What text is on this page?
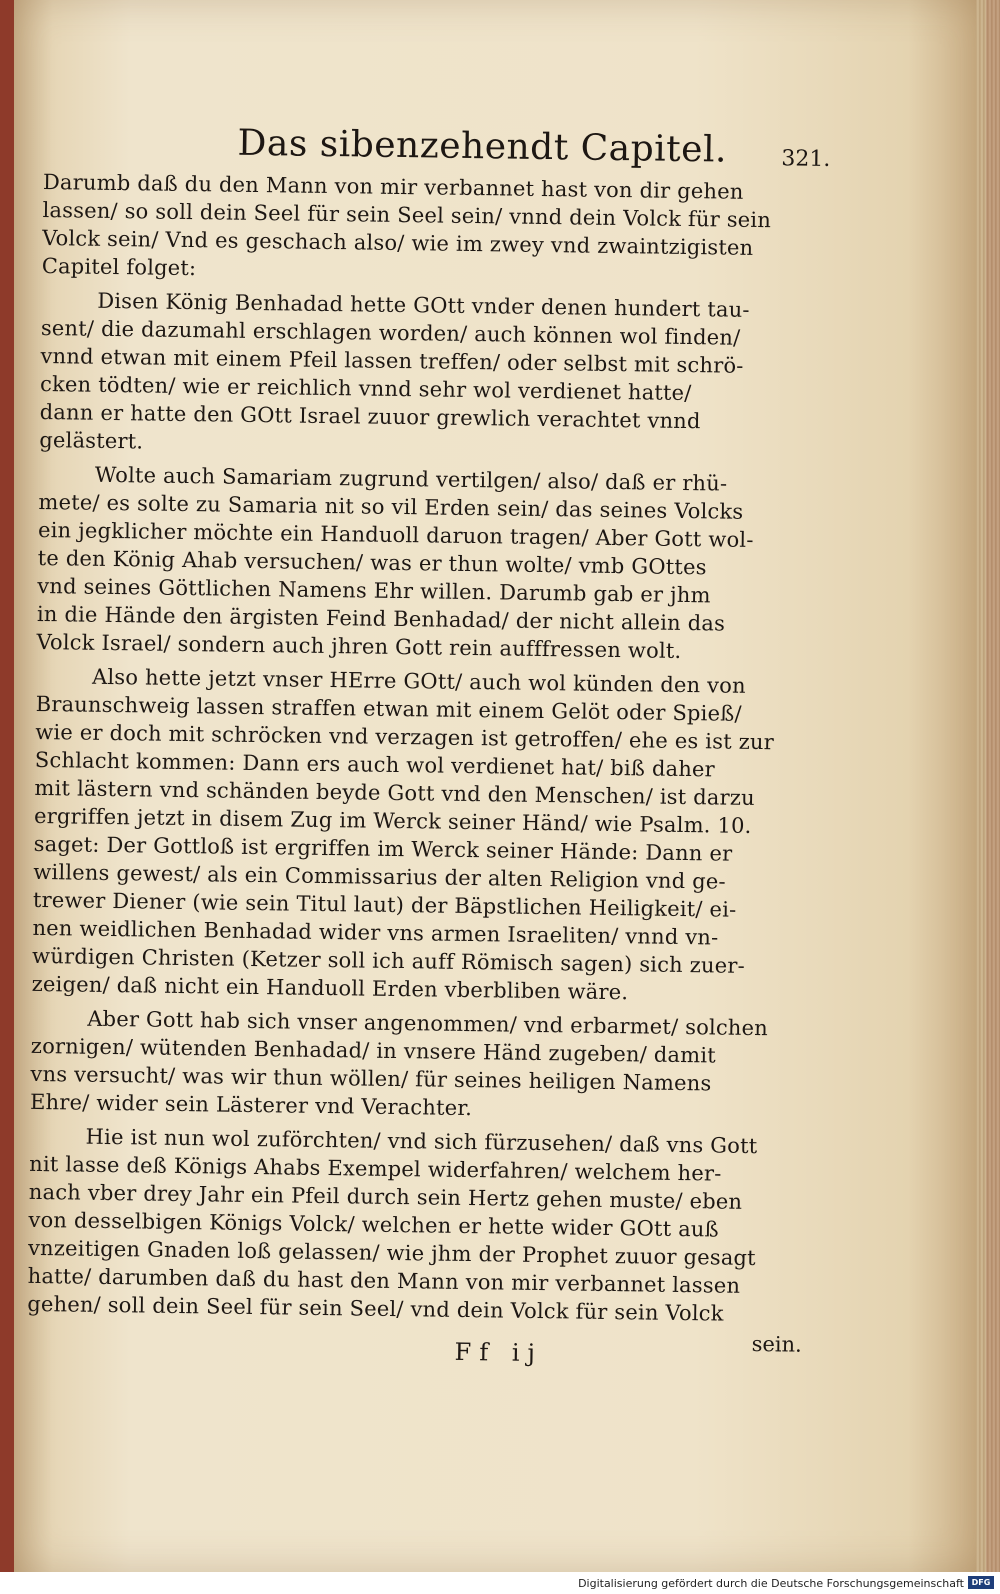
Das sibenzehendt Capitel. 321.
Darumb daß du den Mann von mir verbannet hast von dir gehen
lassen/ so soll dein Seel für sein Seel sein/ vnnd dein Volck für sein
Volck sein/ Vnd es geschach also/ wie im zwey vnd zwaintzigisten
Capitel folget:
Disen König Benhadad hette GOtt vnder denen hundert tau-
sent/ die dazumahl erschlagen worden/ auch können wol finden/
vnnd etwan mit einem Pfeil lassen treffen/ oder selbst mit schrö-
cken tödten/ wie er reichlich vnnd sehr wol verdienet hatte/
dann er hatte den GOtt Israel zuuor grewlich verachtet vnnd
gelästert.
Wolte auch Samariam zugrund vertilgen/ also/ daß er rhü-
mete/ es solte zu Samaria nit so vil Erden sein/ das seines Volcks
ein jegklicher möchte ein Handuoll daruon tragen/ Aber Gott wol-
te den König Ahab versuchen/ was er thun wolte/ vmb GOttes
vnd seines Göttlichen Namens Ehr willen. Darumb gab er jhm
in die Hände den ärgisten Feind Benhadad/ der nicht allein das
Volck Israel/ sondern auch jhren Gott rein aufffressen wolt.
Also hette jetzt vnser HErre GOtt/ auch wol künden den von
Braunschweig lassen straffen etwan mit einem Gelöt oder Spieß/
wie er doch mit schröcken vnd verzagen ist getroffen/ ehe es ist zur
Schlacht kommen: Dann ers auch wol verdienet hat/ biß daher
mit lästern vnd schänden beyde Gott vnd den Menschen/ ist darzu
ergriffen jetzt in disem Zug im Werck seiner Händ/ wie Psalm. 10.
saget: Der Gottloß ist ergriffen im Werck seiner Hände: Dann er
willens gewest/ als ein Commissarius der alten Religion vnd ge-
trewer Diener (wie sein Titul laut) der Bäpstlichen Heiligkeit/ ei-
nen weidlichen Benhadad wider vns armen Israeliten/ vnnd vn-
würdigen Christen (Ketzer soll ich auff Römisch sagen) sich zuer-
zeigen/ daß nicht ein Handuoll Erden vberbliben wäre.
Aber Gott hab sich vnser angenommen/ vnd erbarmet/ solchen
zornigen/ wütenden Benhadad/ in vnsere Händ zugeben/ damit
vns versucht/ was wir thun wöllen/ für seines heiligen Namens
Ehre/ wider sein Lästerer vnd Verachter.
Hie ist nun wol zuförchten/ vnd sich fürzusehen/ daß vns Gott
nit lasse deß Königs Ahabs Exempel widerfahren/ welchem her-
nach vber drey Jahr ein Pfeil durch sein Hertz gehen muste/ eben
von desselbigen Königs Volck/ welchen er hette wider GOtt auß
vnzeitigen Gnaden loß gelassen/ wie jhm der Prophet zuuor gesagt
hatte/ darumben daß du hast den Mann von mir verbannet lassen
gehen/ soll dein Seel für sein Seel/ vnd dein Volck für sein Volck
Ff ij	sein.
Digitalisierung gefördert durch die Deutsche Forschungsgemeinschaft DFG
